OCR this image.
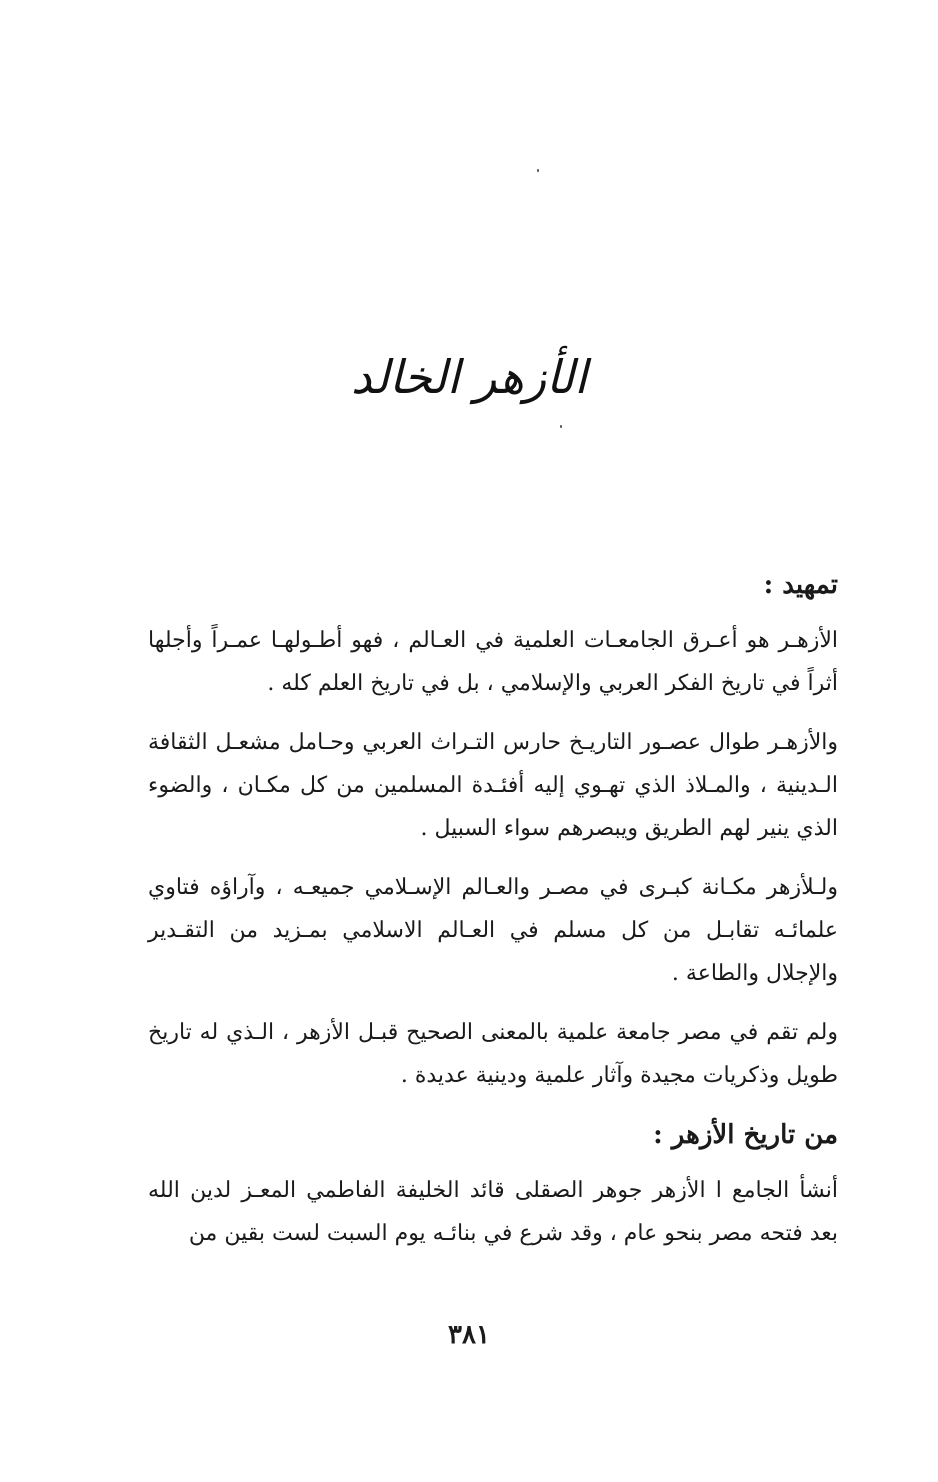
الأزهر الخالد
تمهيد :

الأزهـر هو أعـرق الجامعـات العلمية في العـالم ، فهو أطـولهـا عمـراً وأجلها أثراً في تاريخ الفكر العربي والإسلامي ، بل في تاريخ العلم كله .

والأزهـر طوال عصـور التاريـخ حارس التـراث العربي وحـامل مشعـل الثقافة الـدينية ، والمـلاذ الذي تهـوي إليه أفئـدة المسلمين من كل مكـان ، والضوء الذي ينير لهم الطريق ويبصرهم سواء السبيل .

ولـلأزهر مكـانة كبـرى في مصـر والعـالم الإسـلامي جميعـه ، وآراؤه فتاوي علمائـه تقابـل من كل مسلم في العـالم الاسلامي بمـزيد من التقـدير والإجلال والطاعة .

ولم تقم في مصر جامعة علمية بالمعنى الصحيح قبـل الأزهر ، الـذي له تاريخ طويل وذكريات مجيدة وآثار علمية ودينية عديدة .

من تاريخ الأزهر :

أنشأ الجامع ا الأزهر جوهر الصقلى قائد الخليفة الفاطمي المعـز لدين الله بعد فتحه مصر بنحو عام ، وقد شرع في بنائـه يوم السبت لست بقين من

٣٨١
